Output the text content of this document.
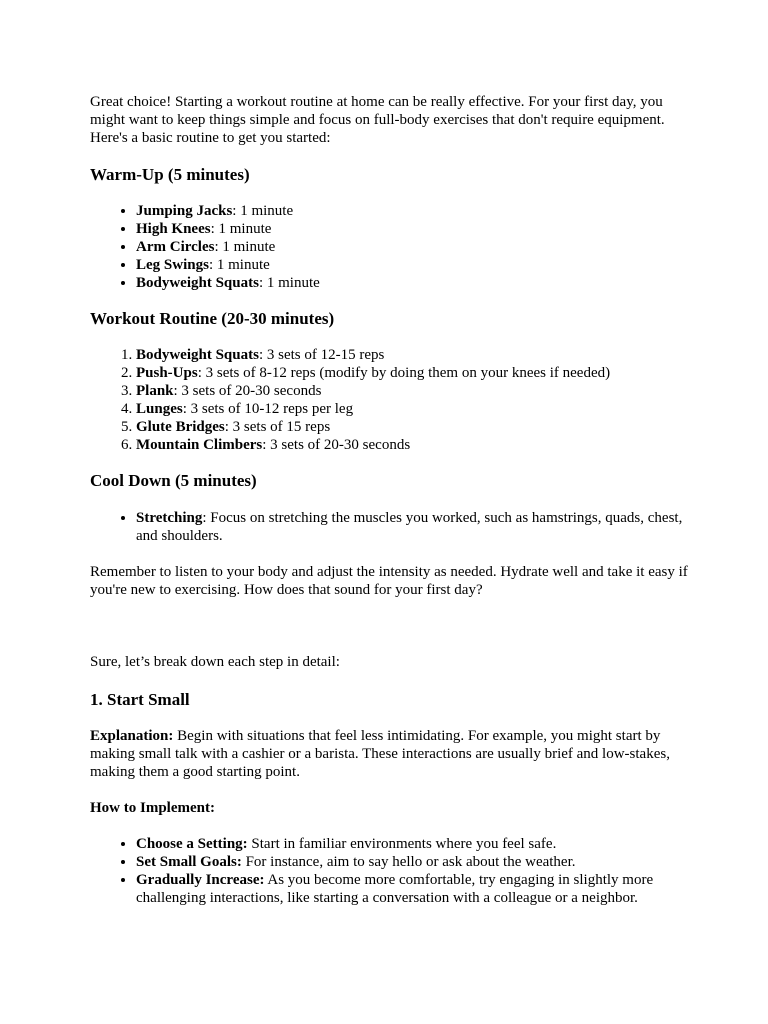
Great choice! Starting a workout routine at home can be really effective. For your first day, you might want to keep things simple and focus on full-body exercises that don't require equipment. Here's a basic routine to get you started:

Warm-Up (5 minutes)
• Jumping Jacks: 1 minute
• High Knees: 1 minute
• Arm Circles: 1 minute
• Leg Swings: 1 minute
• Bodyweight Squats: 1 minute
Workout Routine (20-30 minutes)
1. Bodyweight Squats: 3 sets of 12-15 reps
2. Push-Ups: 3 sets of 8-12 reps (modify by doing them on your knees if needed)
3. Plank: 3 sets of 20-30 seconds
4. Lunges: 3 sets of 10-12 reps per leg
5. Glute Bridges: 3 sets of 15 reps
6. Mountain Climbers: 3 sets of 20-30 seconds
Cool Down (5 minutes)
• Stretching: Focus on stretching the muscles you worked, such as hamstrings, quads, chest, and shoulders.

Remember to listen to your body and adjust the intensity as needed. Hydrate well and take it easy if you're new to exercising. How does that sound for your first day?

Sure, let’s break down each step in detail:

1. Start Small

Explanation: Begin with situations that feel less intimidating. For example, you might start by making small talk with a cashier or a barista. These interactions are usually brief and low-stakes, making them a good starting point.

How to Implement:

• Choose a Setting: Start in familiar environments where you feel safe.
• Set Small Goals: For instance, aim to say hello or ask about the weather.
• Gradually Increase: As you become more comfortable, try engaging in slightly more challenging interactions, like starting a conversation with a colleague or a neighbor.
